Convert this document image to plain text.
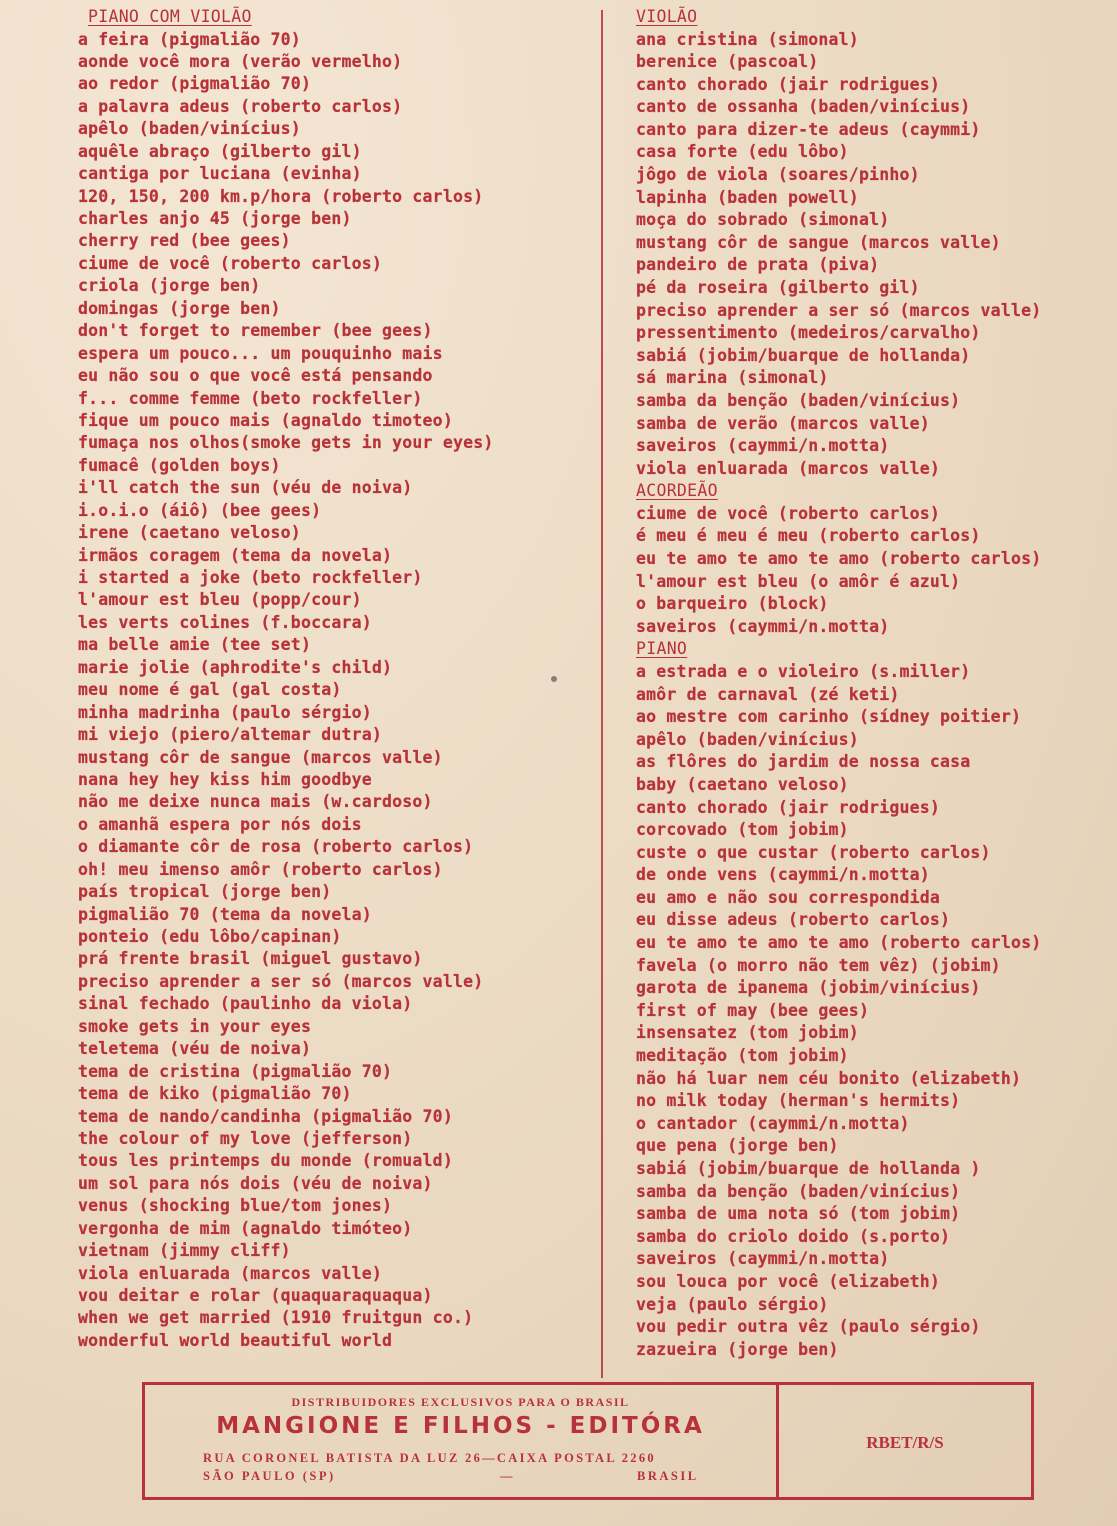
PIANO COM VIOLÃO
a feira (pigmalião 70)
aonde você mora (verão vermelho)
ao redor (pigmalião 70)
a palavra adeus (roberto carlos)
apêlo (baden/vinícius)
aquêle abraço (gilberto gil)
cantiga por luciana (evinha)
120, 150, 200 km.p/hora (roberto carlos)
charles anjo 45 (jorge ben)
cherry red (bee gees)
ciume de você (roberto carlos)
criola (jorge ben)
domingas (jorge ben)
don't forget to remember (bee gees)
espera um pouco... um pouquinho mais
eu não sou o que você está pensando
f... comme femme (beto rockfeller)
fique um pouco mais (agnaldo timoteo)
fumaça nos olhos(smoke gets in your eyes)
fumacê (golden boys)
i'll catch the sun (véu de noiva)
i.o.i.o (áiô) (bee gees)
irene (caetano veloso)
irmãos coragem (tema da novela)
i started a joke (beto rockfeller)
l'amour est bleu (popp/cour)
les verts colines (f.boccara)
ma belle amie (tee set)
marie jolie (aphrodite's child)
meu nome é gal (gal costa)
minha madrinha (paulo sérgio)
mi viejo (piero/altemar dutra)
mustang côr de sangue (marcos valle)
nana hey hey kiss him goodbye
não me deixe nunca mais (w.cardoso)
o amanhã espera por nós dois
o diamante côr de rosa (roberto carlos)
oh! meu imenso amôr (roberto carlos)
país tropical (jorge ben)
pigmalião 70 (tema da novela)
ponteio (edu lôbo/capinan)
prá frente brasil (miguel gustavo)
preciso aprender a ser só (marcos valle)
sinal fechado (paulinho da viola)
smoke gets in your eyes
teletema (véu de noiva)
tema de cristina (pigmalião 70)
tema de kiko (pigmalião 70)
tema de nando/candinha (pigmalião 70)
the colour of my love (jefferson)
tous les printemps du monde (romuald)
um sol para nós dois (véu de noiva)
venus (shocking blue/tom jones)
vergonha de mim (agnaldo timóteo)
vietnam (jimmy cliff)
viola enluarada (marcos valle)
vou deitar e rolar (quaquaraquaqua)
when we get married (1910 fruitgun co.)
wonderful world beautiful world
VIOLÃO
ana cristina (simonal)
berenice (pascoal)
canto chorado (jair rodrigues)
canto de ossanha (baden/vinícius)
canto para dizer-te adeus (caymmi)
casa forte (edu lôbo)
jôgo de viola (soares/pinho)
lapinha (baden powell)
moça do sobrado (simonal)
mustang côr de sangue (marcos valle)
pandeiro de prata (piva)
pé da roseira (gilberto gil)
preciso aprender a ser só (marcos valle)
pressentimento (medeiros/carvalho)
sabiá (jobim/buarque de hollanda)
sá marina (simonal)
samba da benção (baden/vinícius)
samba de verão (marcos valle)
saveiros (caymmi/n.motta)
viola enluarada (marcos valle)
ACORDEÃO
ciume de você (roberto carlos)
é meu é meu é meu (roberto carlos)
eu te amo te amo te amo (roberto carlos)
l'amour est bleu (o amôr é azul)
o barqueiro (block)
saveiros (caymmi/n.motta)
PIANO
a estrada e o violeiro (s.miller)
amôr de carnaval (zé keti)
ao mestre com carinho (sídney poitier)
apêlo (baden/vinícius)
as flôres do jardim de nossa casa
baby (caetano veloso)
canto chorado (jair rodrigues)
corcovado (tom jobim)
custe o que custar (roberto carlos)
de onde vens (caymmi/n.motta)
eu amo e não sou correspondida
eu disse adeus (roberto carlos)
eu te amo te amo te amo (roberto carlos)
favela (o morro não tem vêz) (jobim)
garota de ipanema (jobim/vinícius)
first of may (bee gees)
insensatez (tom jobim)
meditação (tom jobim)
não há luar nem céu bonito (elizabeth)
no milk today (herman's hermits)
o cantador (caymmi/n.motta)
que pena (jorge ben)
sabiá (jobim/buarque de hollanda )
samba da benção (baden/vinícius)
samba de uma nota só (tom jobim)
samba do criolo doido (s.porto)
saveiros (caymmi/n.motta)
sou louca por você (elizabeth)
veja (paulo sérgio)
vou pedir outra vêz (paulo sérgio)
zazueira (jorge ben)
DISTRIBUIDORES EXCLUSIVOS PARA O BRASIL
MANGIONE E FILHOS - EDITÓRA
RUA CORONEL BATISTA DA LUZ 26—CAIXA POSTAL 2260
SÃO PAULO (SP)	—	BRASIL
RBET/R/S
